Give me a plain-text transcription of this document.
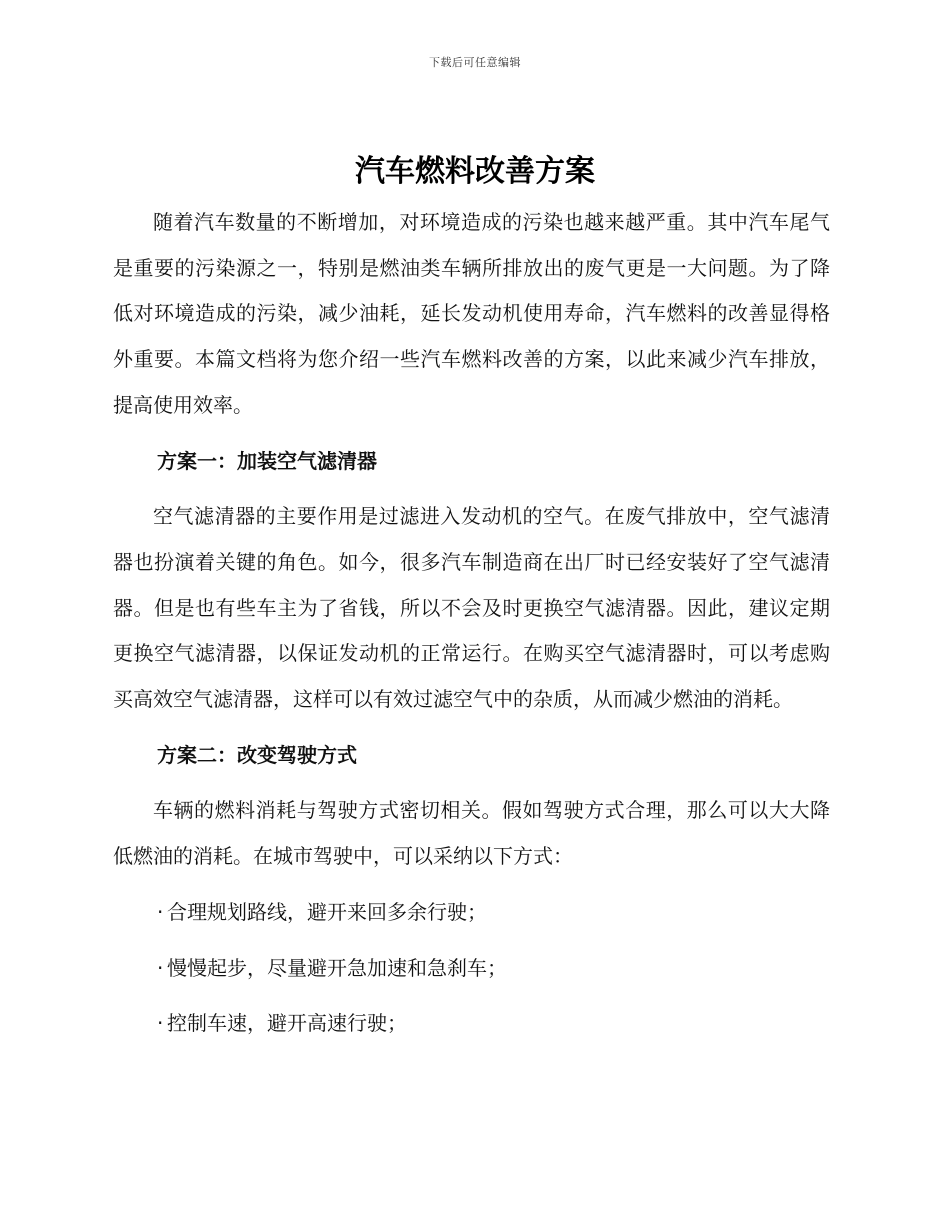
下载后可任意编辑
汽车燃料改善方案

随着汽车数量的不断增加，对环境造成的污染也越来越严重。其中汽车尾气是重要的污染源之一，特别是燃油类车辆所排放出的废气更是一大问题。为了降低对环境造成的污染，减少油耗，延长发动机使用寿命，汽车燃料的改善显得格外重要。本篇文档将为您介绍一些汽车燃料改善的方案，以此来减少汽车排放，提高使用效率。

方案一：加装空气滤清器

空气滤清器的主要作用是过滤进入发动机的空气。在废气排放中，空气滤清器也扮演着关键的角色。如今，很多汽车制造商在出厂时已经安装好了空气滤清器。但是也有些车主为了省钱，所以不会及时更换空气滤清器。因此，建议定期更换空气滤清器，以保证发动机的正常运行。在购买空气滤清器时，可以考虑购买高效空气滤清器，这样可以有效过滤空气中的杂质，从而减少燃油的消耗。

方案二：改变驾驶方式

车辆的燃料消耗与驾驶方式密切相关。假如驾驶方式合理，那么可以大大降低燃油的消耗。在城市驾驶中，可以采纳以下方式：

· 合理规划路线，避开来回多余行驶；

· 慢慢起步，尽量避开急加速和急刹车；

· 控制车速，避开高速行驶；
